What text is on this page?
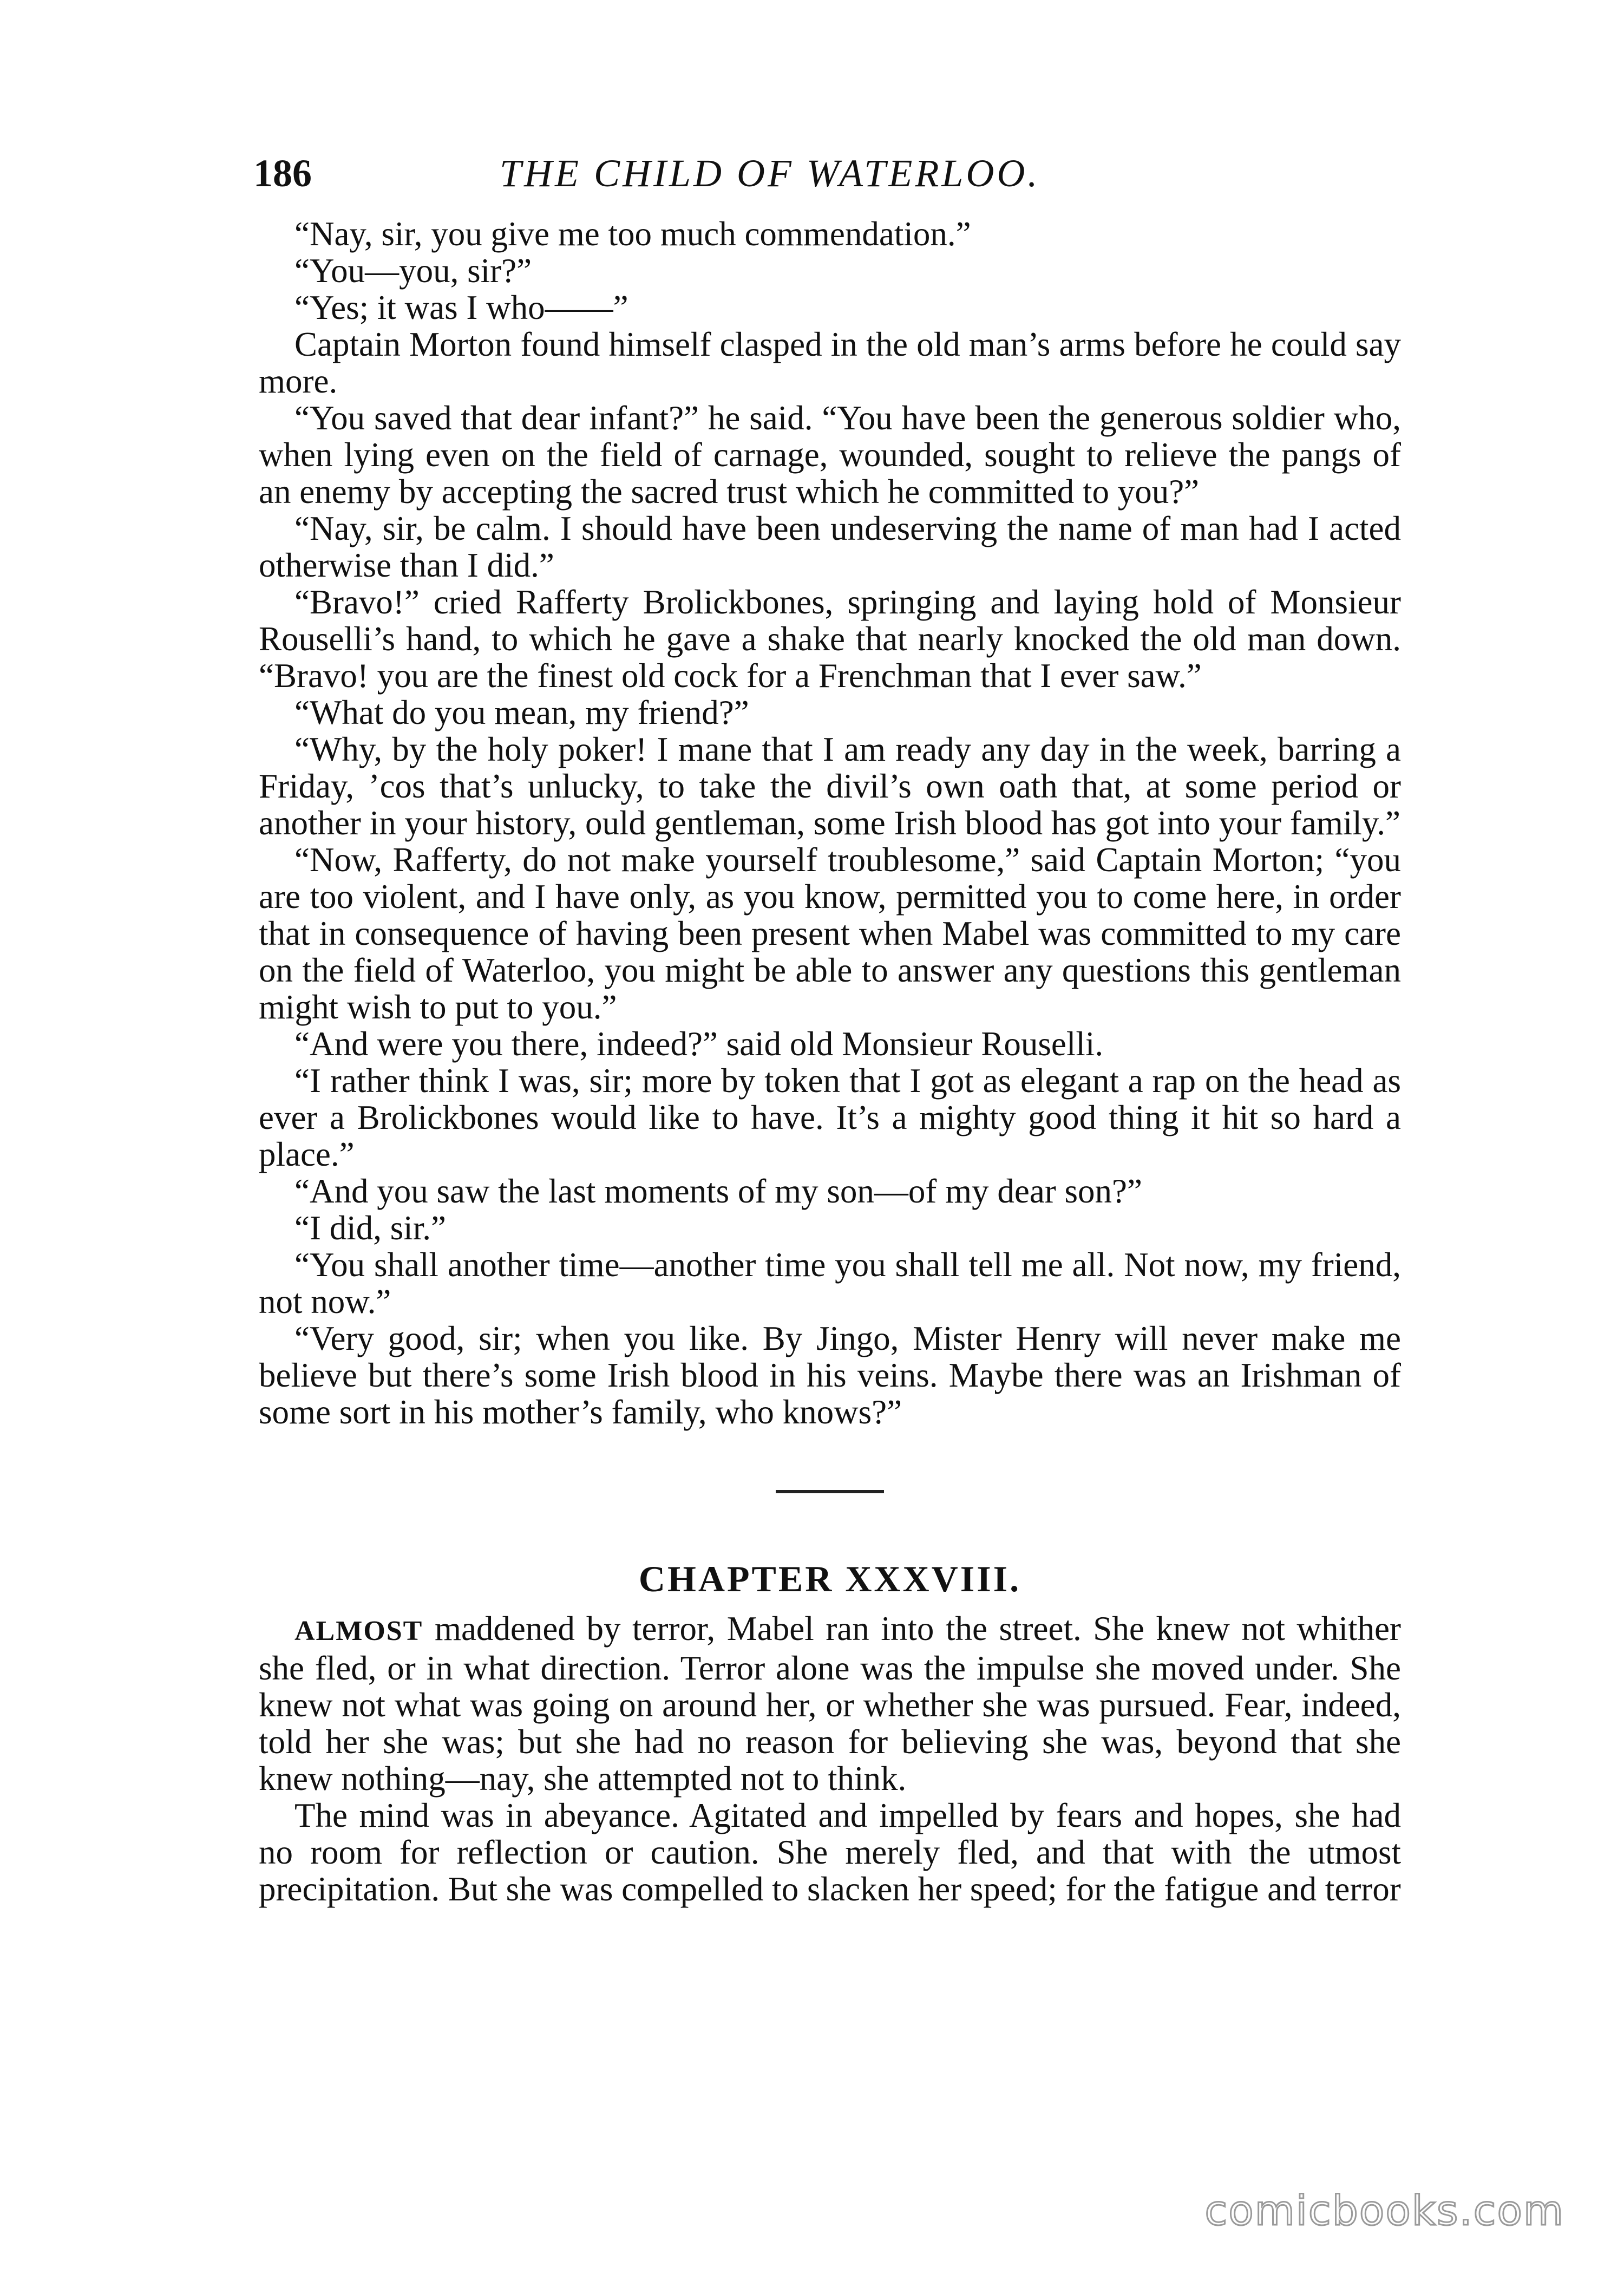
186	THE CHILD OF WATERLOO.

“Nay, sir, you give me too much commendation.”

“You—you, sir?”

“Yes; it was I who——”

Captain Morton found himself clasped in the old man’s arms before he could say more.

“You saved that dear infant?” he said. “You have been the generous soldier who, when lying even on the field of carnage, wounded, sought to relieve the pangs of an enemy by accepting the sacred trust which he committed to you?”

“Nay, sir, be calm. I should have been undeserving the name of man had I acted otherwise than I did.”

“Bravo!” cried Rafferty Brolickbones, springing and laying hold of Monsieur Rouselli’s hand, to which he gave a shake that nearly knocked the old man down. “Bravo! you are the finest old cock for a Frenchman that I ever saw.”

“What do you mean, my friend?”

“Why, by the holy poker! I mane that I am ready any day in the week, barring a Friday, ’cos that’s unlucky, to take the divil’s own oath that, at some period or another in your history, ould gentleman, some Irish blood has got into your family.”

“Now, Rafferty, do not make yourself troublesome,” said Captain Morton; “you are too violent, and I have only, as you know, permitted you to come here, in order that in consequence of having been present when Mabel was committed to my care on the field of Waterloo, you might be able to answer any questions this gentleman might wish to put to you.”

“And were you there, indeed?” said old Monsieur Rouselli.

“I rather think I was, sir; more by token that I got as elegant a rap on the head as ever a Brolickbones would like to have. It’s a mighty good thing it hit so hard a place.”

“And you saw the last moments of my son—of my dear son?”

“I did, sir.”

“You shall another time—another time you shall tell me all. Not now, my friend, not now.”

“Very good, sir; when you like. By Jingo, Mister Henry will never make me believe but there’s some Irish blood in his veins. Maybe there was an Irishman of some sort in his mother’s family, who knows?”

CHAPTER XXXVIII.

ALMOST maddened by terror, Mabel ran into the street. She knew not whither she fled, or in what direction. Terror alone was the impulse she moved under. She knew not what was going on around her, or whether she was pursued. Fear, indeed, told her she was; but she had no reason for believing she was, beyond that she knew nothing—nay, she attempted not to think.

The mind was in abeyance. Agitated and impelled by fears and hopes, she had no room for reflection or caution. She merely fled, and that with the utmost precipitation. But she was compelled to slacken her speed; for the fatigue and terror

comicbooks.com
